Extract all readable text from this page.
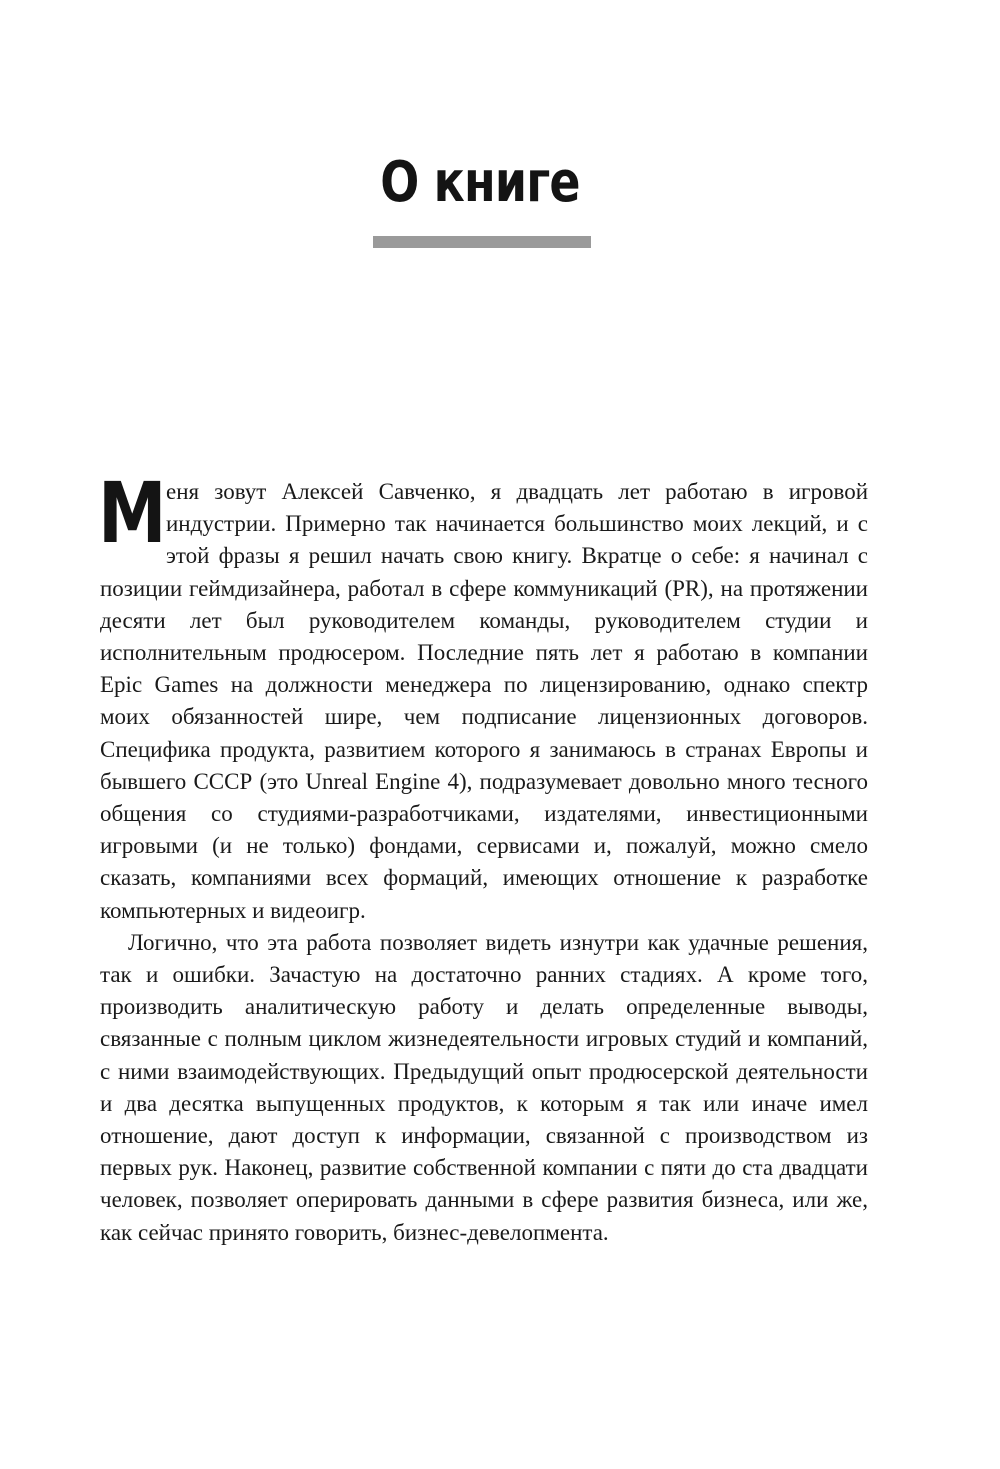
О книге

М еня зовут Алексей Савченко, я двадцать лет работаю в игровой индустрии. Примерно так начинается большинство моих лекций, и с этой фразы я решил начать свою книгу. Вкратце о себе: я начинал с позиции геймдизайнера, работал в сфере коммуникаций (PR), на протяжении десяти лет был руководителем команды, руководителем студии и исполнительным продюсером. Последние пять лет я работаю в компании Epic Games на должности менеджера по лицензированию, однако спектр моих обязанностей шире, чем подписание лицензионных договоров. Специфика продукта, развитием которого я занимаюсь в странах Европы и бывшего СССР (это Unreal Engine 4), подразумевает довольно много тесного общения со студиями-разработчиками, издателями, инвестиционными игровыми (и не только) фондами, сервисами и, пожалуй, можно смело сказать, компаниями всех формаций, имеющих отношение к разработке компьютерных и видеоигр.

Логично, что эта работа позволяет видеть изнутри как удачные решения, так и ошибки. Зачастую на достаточно ранних стадиях. А кроме того, производить аналитическую работу и делать определенные выводы, связанные с полным циклом жизнедеятельности игровых студий и компаний, с ними взаимодействующих. Предыдущий опыт продюсерской деятельности и два десятка выпущенных продуктов, к которым я так или иначе имел отношение, дают доступ к информации, связанной с производством из первых рук. Наконец, развитие собственной компании с пяти до ста двадцати человек, позволяет оперировать данными в сфере развития бизнеса, или же, как сейчас принято говорить, бизнес-девелопмента.
